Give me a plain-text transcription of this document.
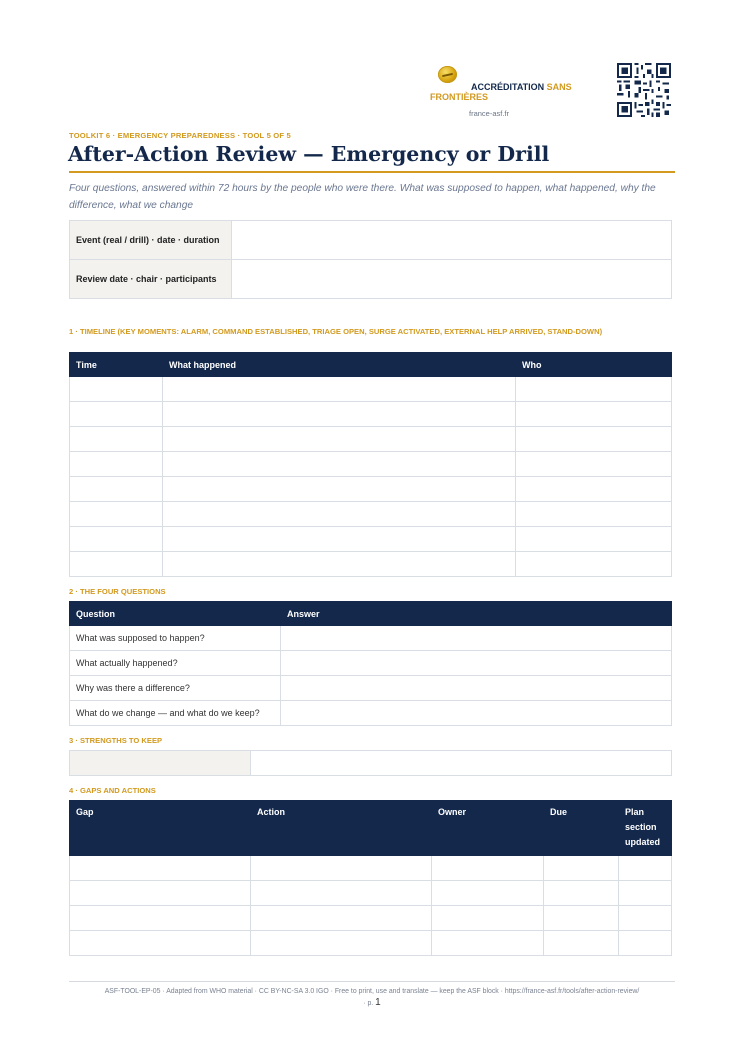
ACCRÉDITATION SANS
FRONTIÈRES
france-asf.fr
TOOLKIT 6 · EMERGENCY PREPAREDNESS · TOOL 5 OF 5
After-Action Review — Emergency or Drill
Four questions, answered within 72 hours by the people who were there. What was supposed to happen, what happened, why the difference, what we change
Event (real / drill) · date · duration	
Review date · chair · participants	
1 · TIMELINE (KEY MOMENTS: ALARM, COMMAND ESTABLISHED, TRIAGE OPEN, SURGE ACTIVATED, EXTERNAL HELP ARRIVED, STAND-DOWN)
Time	What happened	Who

2 · THE FOUR QUESTIONS
Question	Answer
What was supposed to happen?	
What actually happened?	
Why was there a difference?	
What do we change — and what do we keep?	
3 · STRENGTHS TO KEEP

4 · GAPS AND ACTIONS
Gap	Action	Owner	Due	Plan section updated

ASF-TOOL-EP-05 · Adapted from WHO material · CC BY-NC-SA 3.0 IGO · Free to print, use and translate — keep the ASF block · https://france-asf.fr/tools/after-action-review/
· p. 1
